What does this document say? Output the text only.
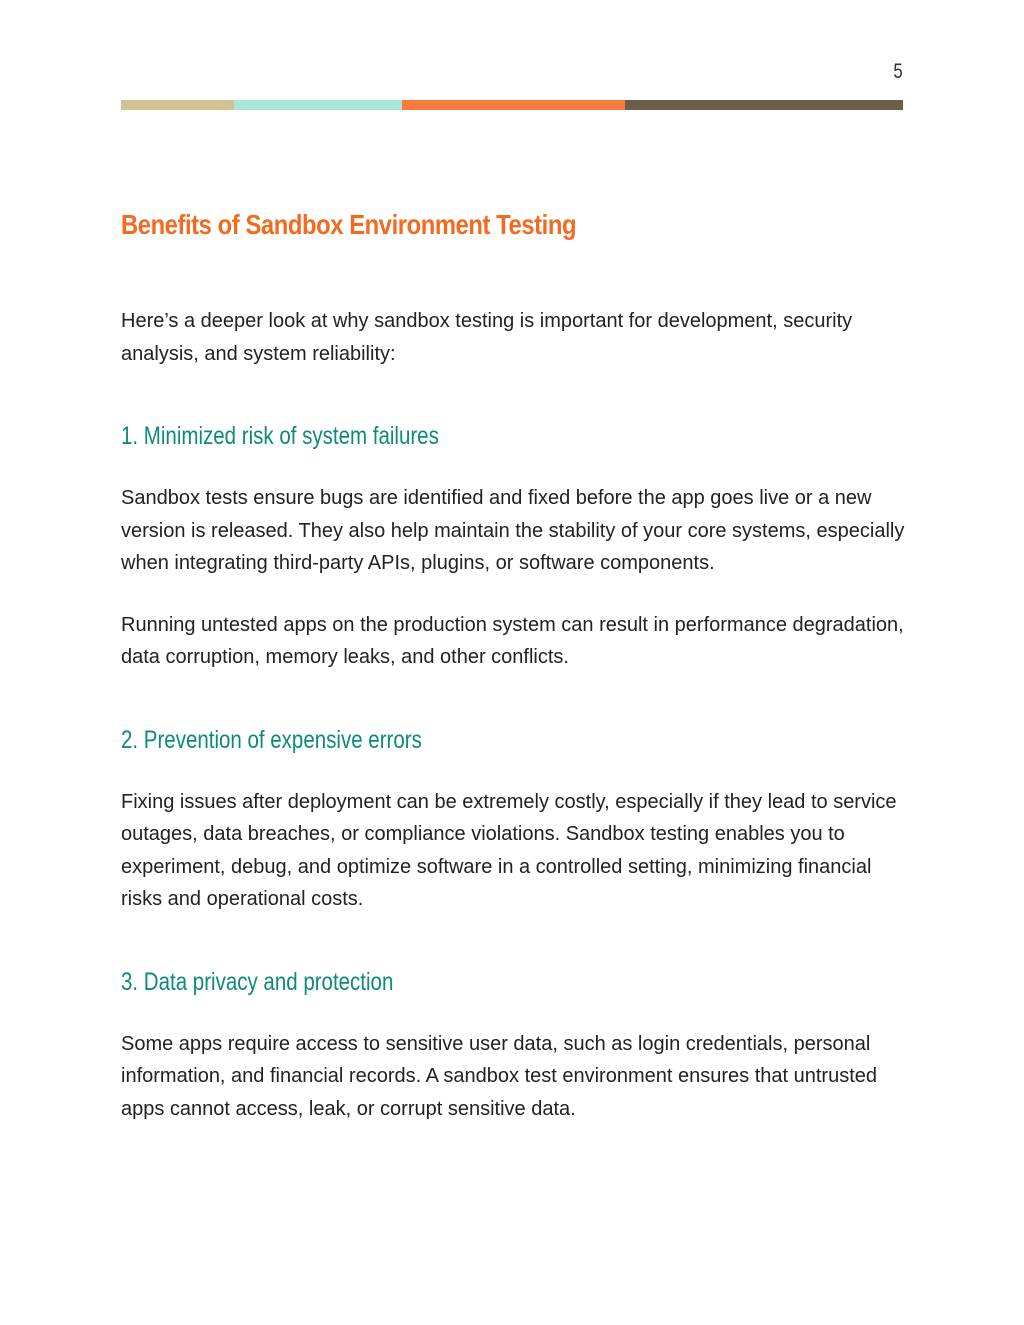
5
Benefits of Sandbox Environment Testing

Here’s a deeper look at why sandbox testing is important for development, security analysis, and system reliability:

1. Minimized risk of system failures

Sandbox tests ensure bugs are identified and fixed before the app goes live or a new version is released. They also help maintain the stability of your core systems, especially when integrating third-party APIs, plugins, or software components.

Running untested apps on the production system can result in performance degradation, data corruption, memory leaks, and other conflicts.

2. Prevention of expensive errors

Fixing issues after deployment can be extremely costly, especially if they lead to service outages, data breaches, or compliance violations. Sandbox testing enables you to experiment, debug, and optimize software in a controlled setting, minimizing financial risks and operational costs.

3. Data privacy and protection

Some apps require access to sensitive user data, such as login credentials, personal information, and financial records. A sandbox test environment ensures that untrusted apps cannot access, leak, or corrupt sensitive data.
